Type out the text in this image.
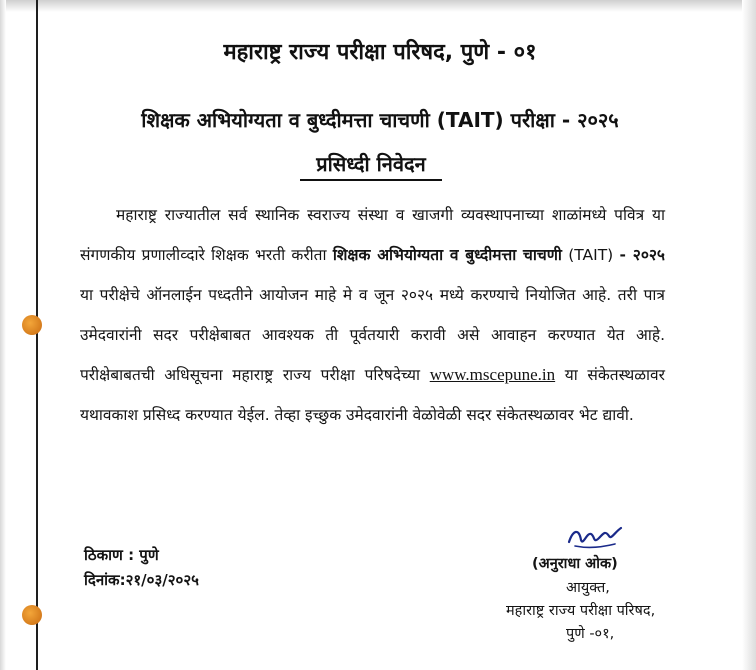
महाराष्ट्र राज्य परीक्षा परिषद, पुणे - ०१
शिक्षक अभियोग्यता व बुध्दीमत्ता चाचणी (TAIT) परीक्षा - २०२५
प्रसिध्दी निवेदन
महाराष्ट्र राज्यातील सर्व स्थानिक स्वराज्य संस्था व खाजगी व्यवस्थापनाच्या शाळांमध्ये पवित्र या संगणकीय प्रणालीव्दारे शिक्षक भरती करीता शिक्षक अभियोग्यता व बुध्दीमत्ता चाचणी (TAIT) - २०२५ या परीक्षेचे ऑनलाईन पध्दतीने आयोजन माहे मे व जून २०२५ मध्ये करण्याचे नियोजित आहे. तरी पात्र उमेदवारांनी सदर परीक्षेबाबत आवश्यक ती पूर्वतयारी करावी असे आवाहन करण्यात येत आहे. परीक्षेबाबतची अधिसूचना महाराष्ट्र राज्य परीक्षा परिषदेच्या www.mscepune.in या संकेतस्थळावर यथावकाश प्रसिध्द करण्यात येईल. तेव्हा इच्छुक उमेदवारांनी वेळोवेळी सदर संकेतस्थळावर भेट द्यावी.
ठिकाण : पुणे
दिनांक:२१/०३/२०२५
(अनुराधा ओक)
आयुक्त,
महाराष्ट्र राज्य परीक्षा परिषद,
पुणे -०१,
